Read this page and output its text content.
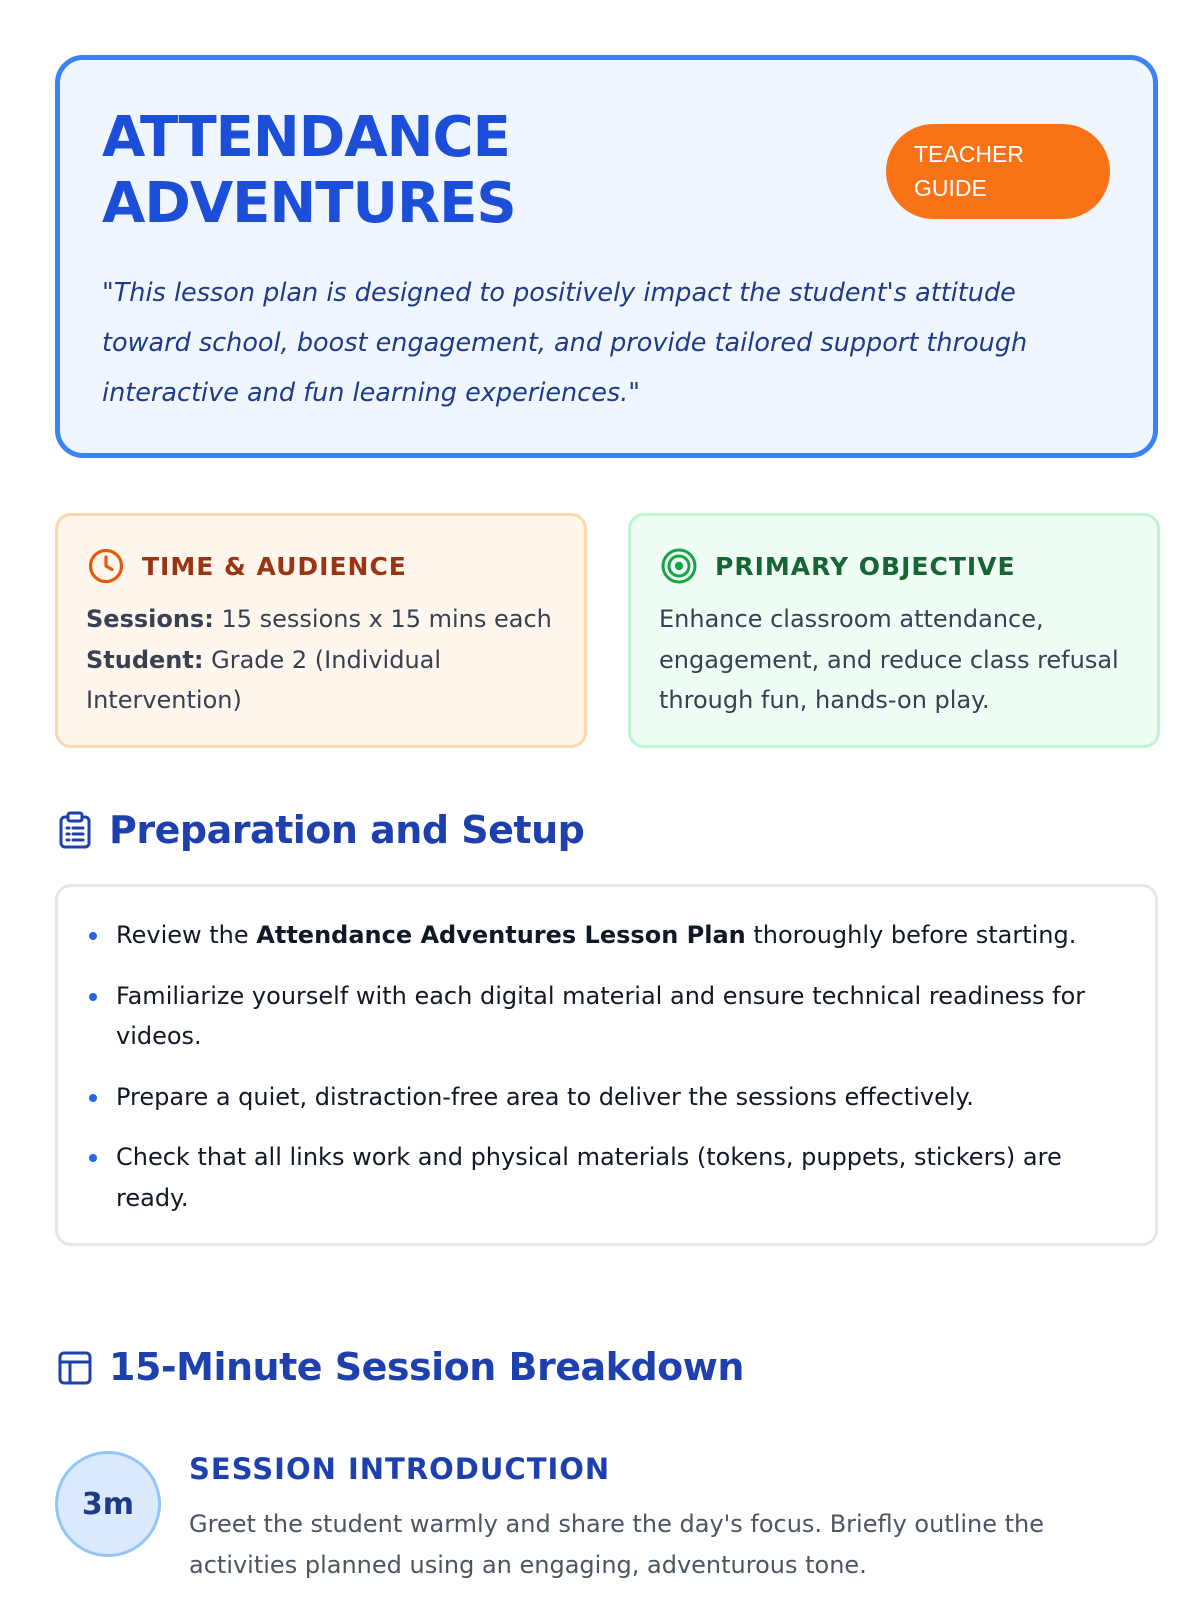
ATTENDANCE
ADVENTURES
TEACHER
GUIDE

"This lesson plan is designed to positively impact the student's attitude toward school, boost engagement, and provide tailored support through interactive and fun learning experiences."

TIME & AUDIENCE
Sessions: 15 sessions x 15 mins each
Student: Grade 2 (Individual Intervention)
PRIMARY OBJECTIVE

Enhance classroom attendance, engagement, and reduce class refusal through fun, hands-on play.

Preparation and Setup
Review the Attendance Adventures Lesson Plan thoroughly before starting.
Familiarize yourself with each digital material and ensure technical readiness for videos.
Prepare a quiet, distraction-free area to deliver the sessions effectively.
Check that all links work and physical materials (tokens, puppets, stickers) are ready.
15-Minute Session Breakdown
3m
SESSION INTRODUCTION

Greet the student warmly and share the day's focus. Briefly outline the activities planned using an engaging, adventurous tone.
